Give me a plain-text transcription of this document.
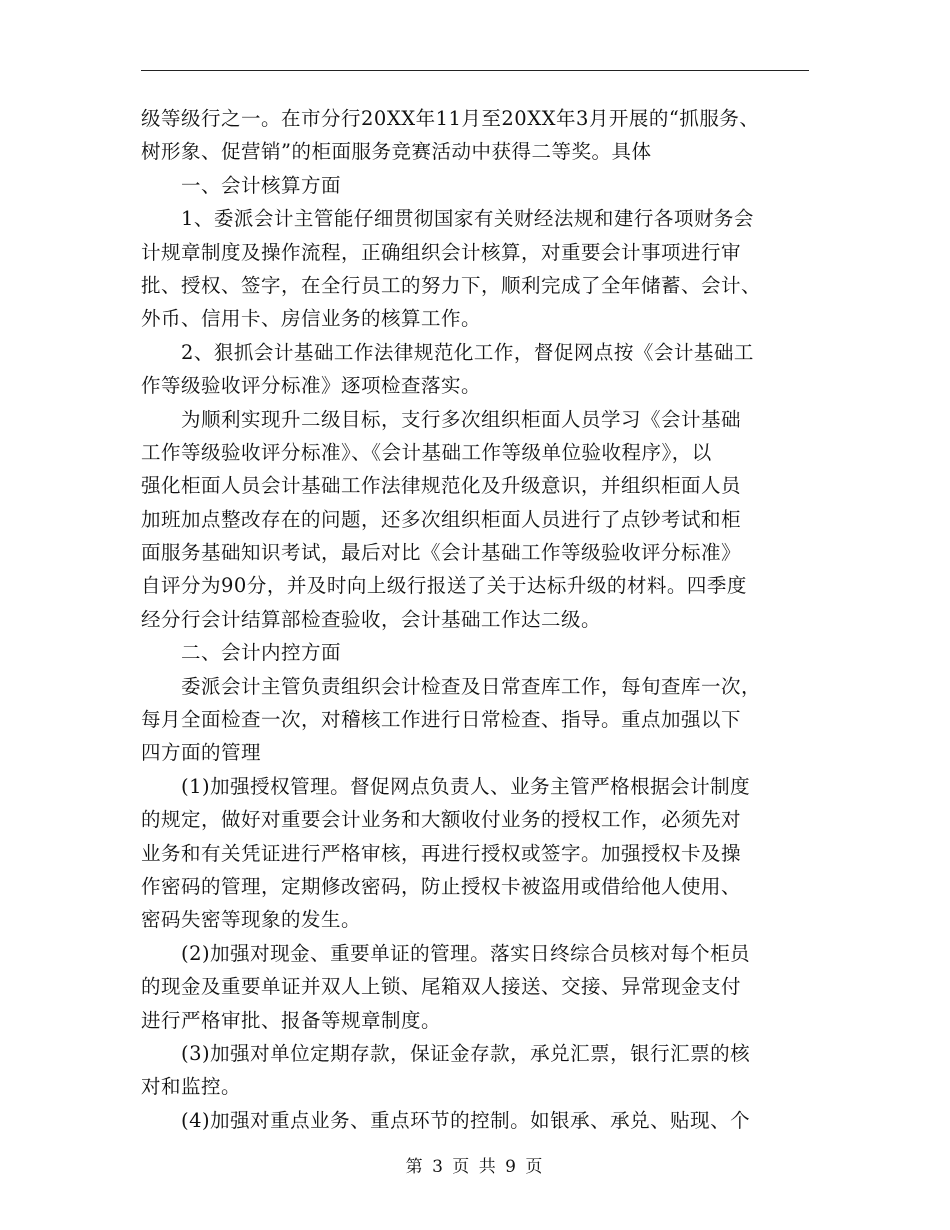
级等级行之一。在市分行20XX年11月至20XX年3月开展的“抓服务、
树形象、促营销”的柜面服务竞赛活动中获得二等奖。具体
一、会计核算方面
1、委派会计主管能仔细贯彻国家有关财经法规和建行各项财务会
计规章制度及操作流程，正确组织会计核算，对重要会计事项进行审
批、授权、签字，在全行员工的努力下，顺利完成了全年储蓄、会计、
外币、信用卡、房信业务的核算工作。
2、狠抓会计基础工作法律规范化工作，督促网点按《会计基础工
作等级验收评分标准》逐项检查落实。
为顺利实现升二级目标，支行多次组织柜面人员学习《会计基础
工作等级验收评分标准》、《会计基础工作等级单位验收程序》，以
强化柜面人员会计基础工作法律规范化及升级意识，并组织柜面人员
加班加点整改存在的问题，还多次组织柜面人员进行了点钞考试和柜
面服务基础知识考试，最后对比《会计基础工作等级验收评分标准》
自评分为90分，并及时向上级行报送了关于达标升级的材料。四季度
经分行会计结算部检查验收，会计基础工作达二级。
二、会计内控方面
委派会计主管负责组织会计检查及日常查库工作，每旬查库一次，
每月全面检查一次，对稽核工作进行日常检查、指导。重点加强以下
四方面的管理
(1)加强授权管理。督促网点负责人、业务主管严格根据会计制度
的规定，做好对重要会计业务和大额收付业务的授权工作，必须先对
业务和有关凭证进行严格审核，再进行授权或签字。加强授权卡及操
作密码的管理，定期修改密码，防止授权卡被盗用或借给他人使用、
密码失密等现象的发生。
(2)加强对现金、重要单证的管理。落实日终综合员核对每个柜员
的现金及重要单证并双人上锁、尾箱双人接送、交接、异常现金支付
进行严格审批、报备等规章制度。
(3)加强对单位定期存款，保证金存款，承兑汇票，银行汇票的核
对和监控。
(4)加强对重点业务、重点环节的控制。如银承、承兑、贴现、个
第 3 页 共 9 页
